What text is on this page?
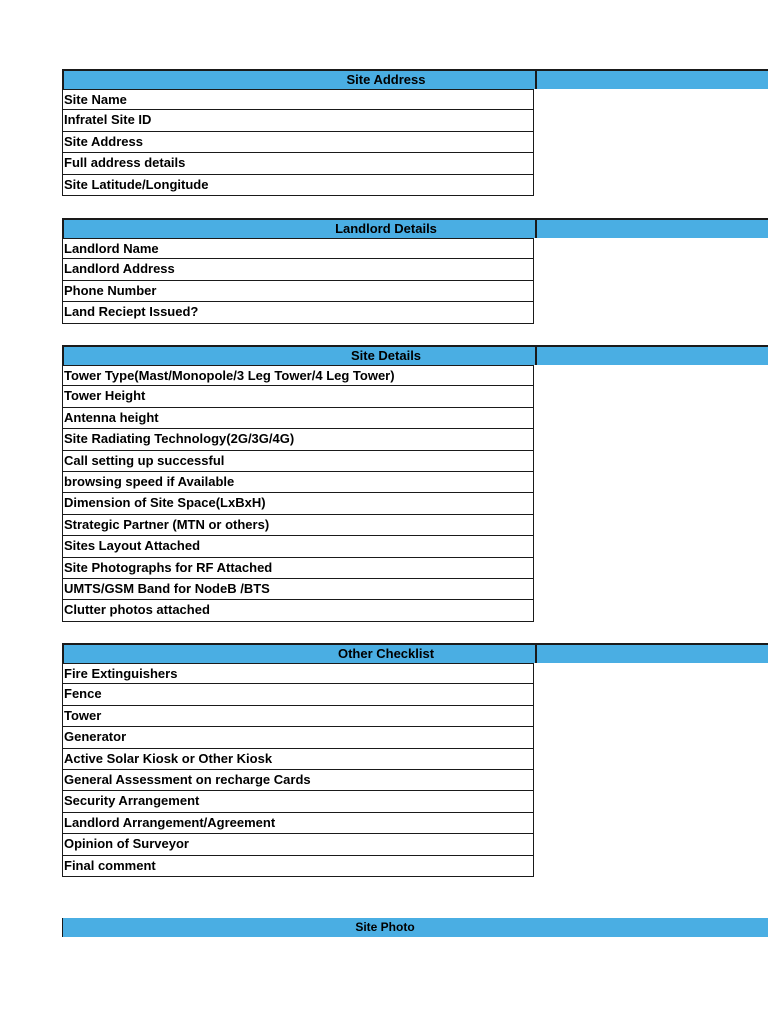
Site Address
Site Name
Infratel Site ID
Site Address
Full address details
Site Latitude/Longitude
Landlord Details
Landlord Name
Landlord Address
Phone Number
Land Reciept Issued?
Site Details
Tower Type(Mast/Monopole/3 Leg Tower/4 Leg Tower)
Tower Height
Antenna height
Site Radiating Technology(2G/3G/4G)
Call setting up successful
browsing speed if Available
Dimension of Site Space(LxBxH)
Strategic Partner (MTN or others)
Sites Layout Attached
Site Photographs for RF Attached
UMTS/GSM Band for NodeB /BTS
Clutter photos attached
Other Checklist
Fire Extinguishers
Fence
Tower
Generator
Active Solar Kiosk or Other Kiosk
General Assessment on recharge Cards
Security Arrangement
Landlord Arrangement/Agreement
Opinion of Surveyor
Final comment
Site Photo
